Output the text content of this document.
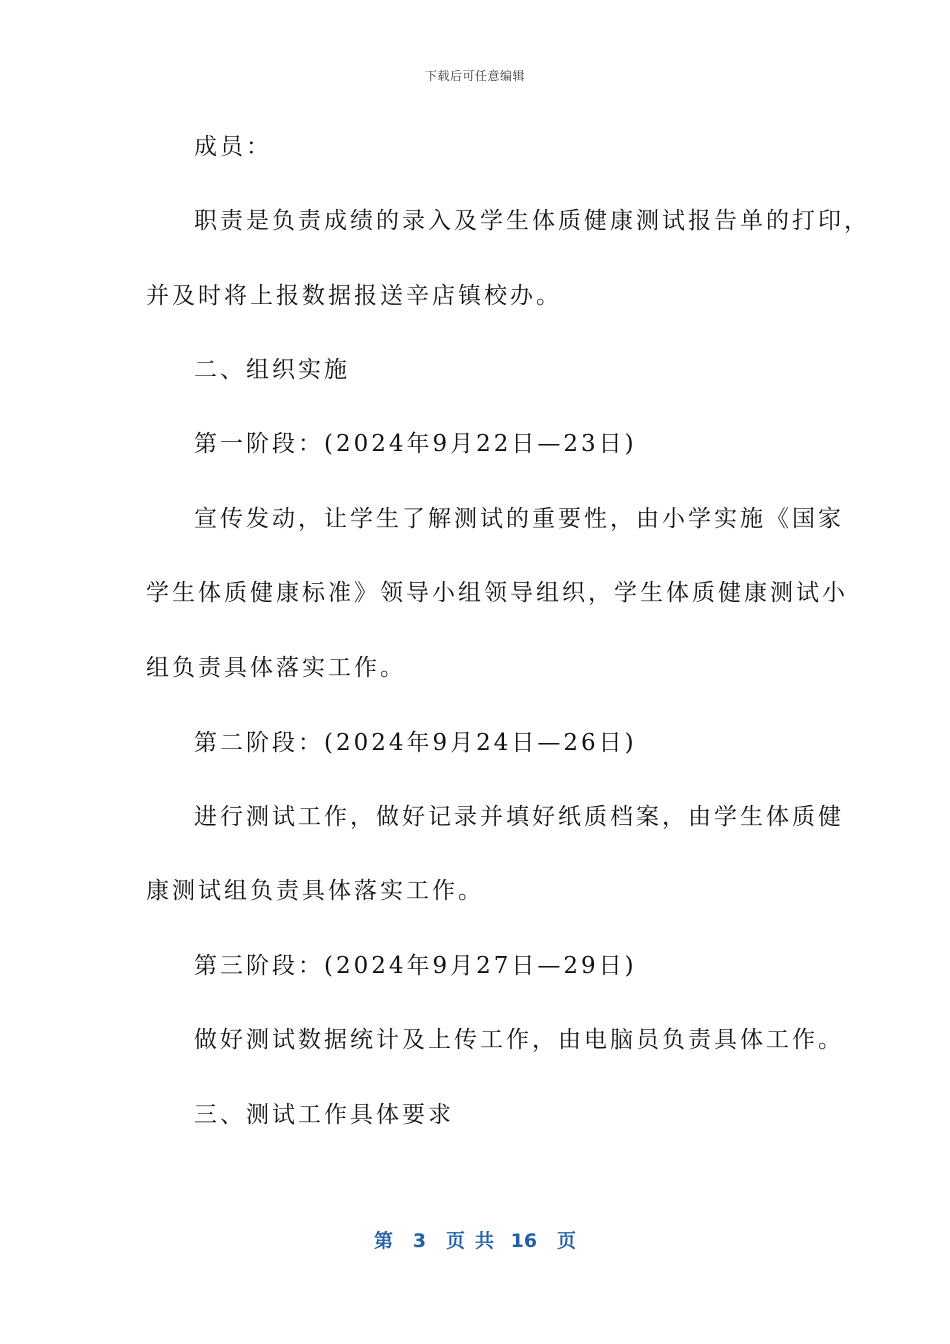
下载后可任意编辑
成员：
职责是负责成绩的录入及学生体质健康测试报告单的打印，
并及时将上报数据报送辛店镇校办。
二、组织实施
第一阶段：(2024年9月22日—23日)
宣传发动，让学生了解测试的重要性，由小学实施《国家
学生体质健康标准》领导小组领导组织，学生体质健康测试小
组负责具体落实工作。
第二阶段：(2024年9月24日—26日)
进行测试工作，做好记录并填好纸质档案，由学生体质健
康测试组负责具体落实工作。
第三阶段：(2024年9月27日—29日)
做好测试数据统计及上传工作，由电脑员负责具体工作。
三、测试工作具体要求
第 3 页共 16 页
